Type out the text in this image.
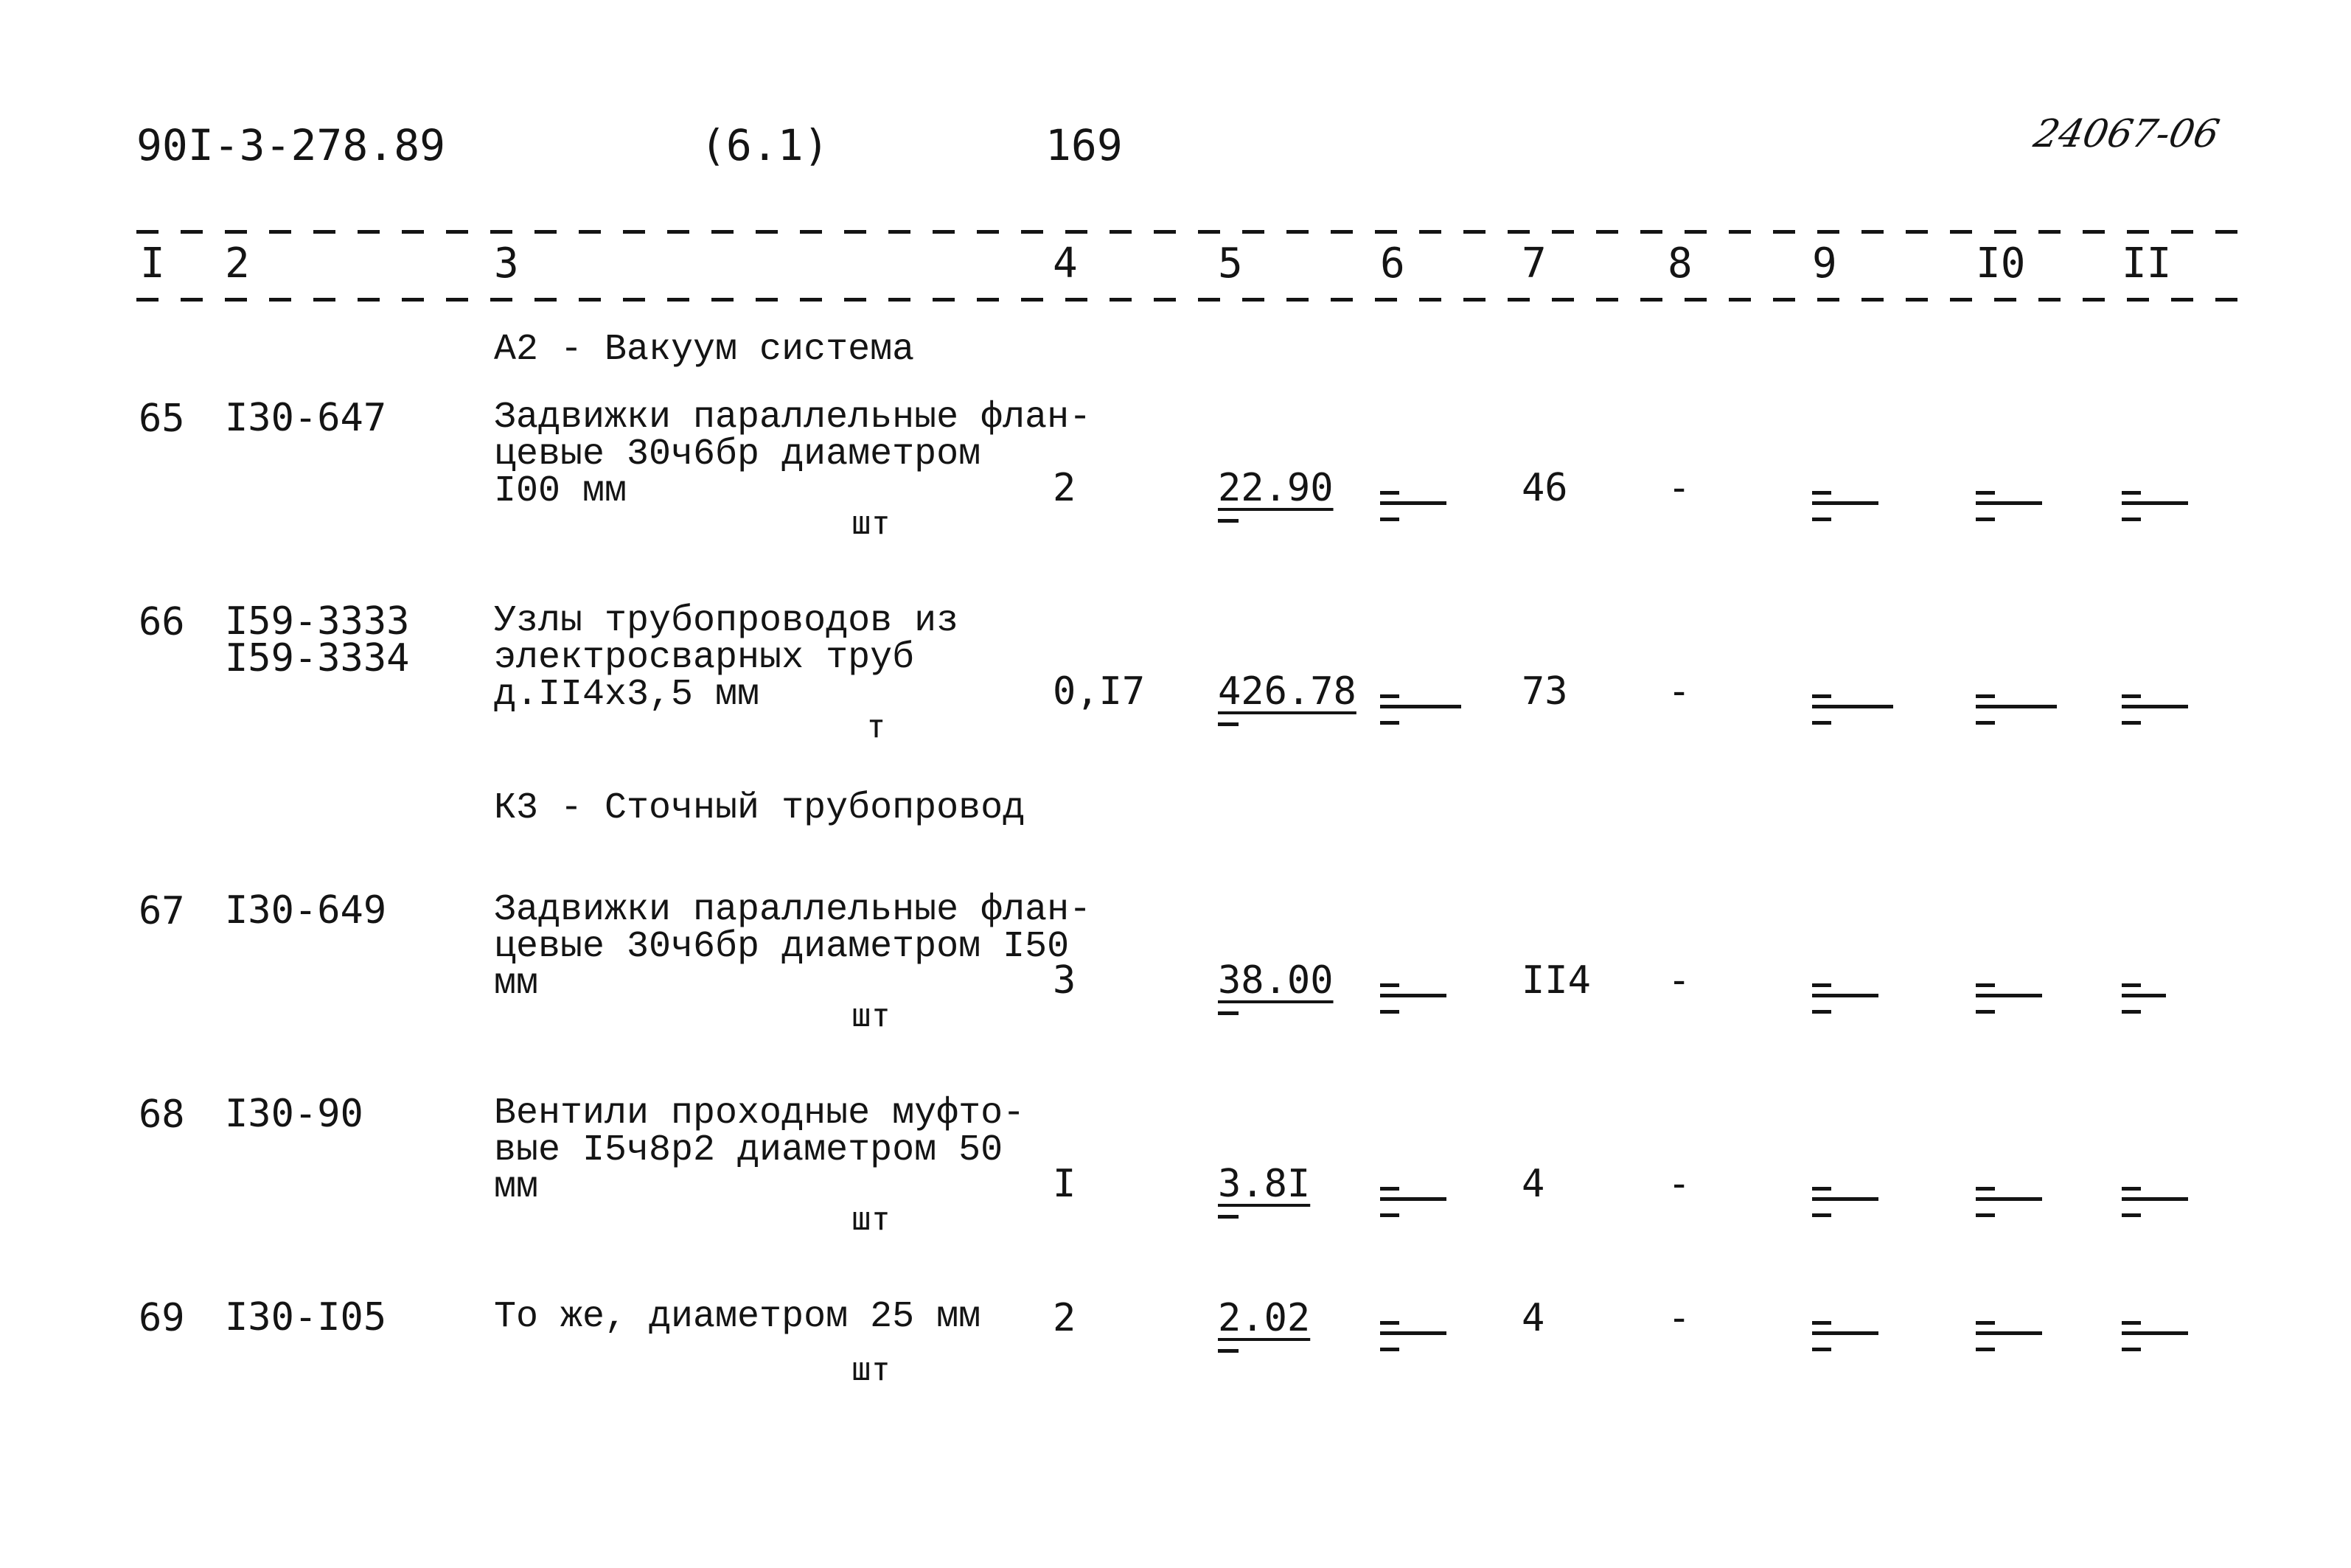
90I-3-278.89	(6.1)	169	24067-06
I 2	3	4	5	6	7	8	9	I0 II
А2 - Вакуум система
65 I30-647	Задвижки параллельные флан-
цевые 30ч6бр диаметром
I00 мм
шт
2	22.90	46	-
66 I59-3333
I59-3334
Узлы трубопроводов из
электросварных труб
д.II4х3,5 мм
т
0,I7 426.78	73	-
К3 - Сточный трубопровод
67 I30-649	Задвижки параллельные флан-
цевые 30ч6бр диаметром I50
мм
шт
3	38.00	II4 -
68 I30-90	Вентили проходные муфто-
вые I5ч8р2 диаметром 50
мм
шт
I	3.8I	4	-
69 I30-I05	То же, диаметром 25 мм
шт
2	2.02	4	-
